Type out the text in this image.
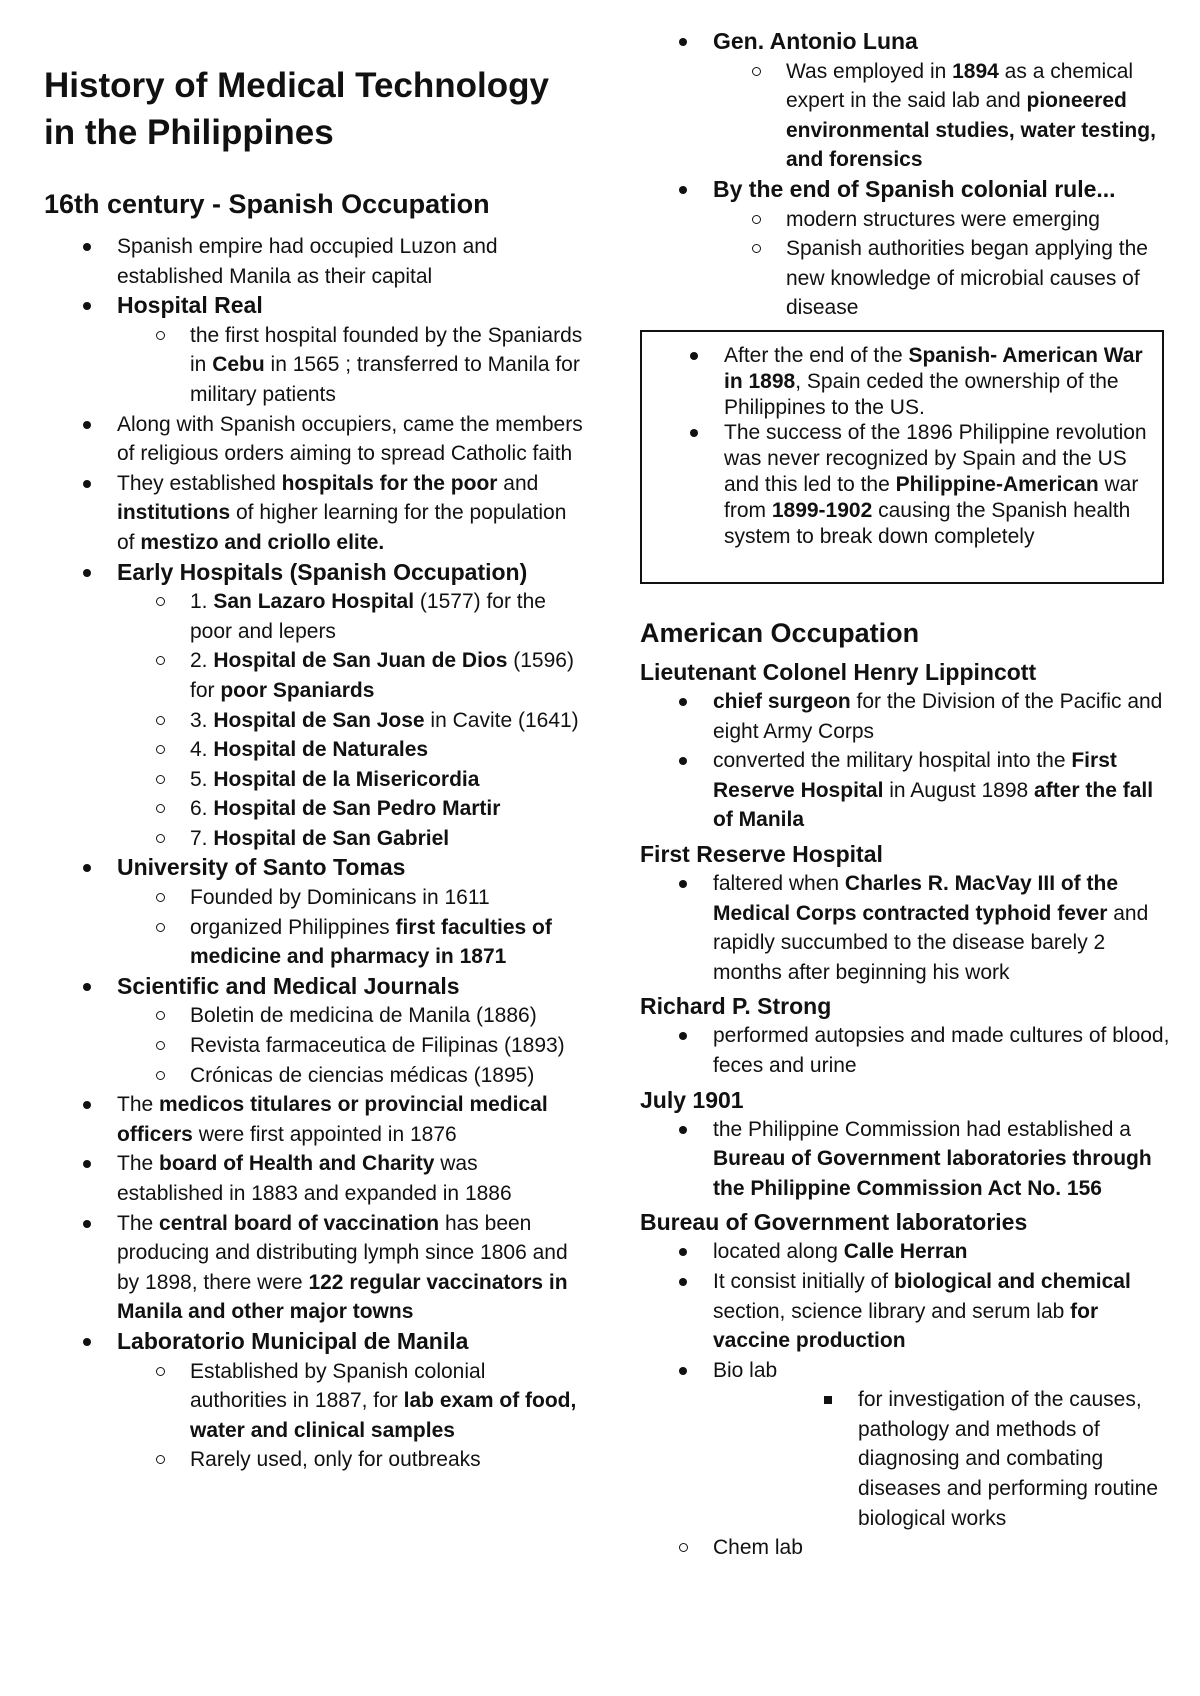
History of Medical Technology
in the Philippines
16th century - Spanish Occupation
Spanish empire had occupied Luzon and established Manila as their capital
Hospital Real
the first hospital founded by the Spaniards in Cebu in 1565 ; transferred to Manila for military patients
Along with Spanish occupiers, came the members of religious orders aiming to spread Catholic faith
They established hospitals for the poor and institutions of higher learning for the population of mestizo and criollo elite.
Early Hospitals (Spanish Occupation)
1. San Lazaro Hospital (1577) for the poor and lepers
2. Hospital de San Juan de Dios (1596) for poor Spaniards
3. Hospital de San Jose in Cavite (1641)
4. Hospital de Naturales
5. Hospital de la Misericordia
6. Hospital de San Pedro Martir
7. Hospital de San Gabriel
University of Santo Tomas
Founded by Dominicans in 1611
organized Philippines first faculties of medicine and pharmacy in 1871
Scientific and Medical Journals
Boletin de medicina de Manila (1886)
Revista farmaceutica de Filipinas (1893)
Crónicas de ciencias médicas (1895)
The medicos titulares or provincial medical officers were first appointed in 1876
The board of Health and Charity was established in 1883 and expanded in 1886
The central board of vaccination has been producing and distributing lymph since 1806 and by 1898, there were 122 regular vaccinators in Manila and other major towns
Laboratorio Municipal de Manila
Established by Spanish colonial authorities in 1887, for lab exam of food, water and clinical samples
Rarely used, only for outbreaks
Gen. Antonio Luna
Was employed in 1894 as a chemical expert in the said lab and pioneered environmental studies, water testing, and forensics
By the end of Spanish colonial rule...
modern structures were emerging
Spanish authorities began applying the new knowledge of microbial causes of disease
After the end of the Spanish- American War in 1898, Spain ceded the ownership of the Philippines to the US.
The success of the 1896 Philippine revolution was never recognized by Spain and the US and this led to the Philippine-American war from 1899-1902 causing the Spanish health system to break down completely
American Occupation
Lieutenant Colonel Henry Lippincott
chief surgeon for the Division of the Pacific and eight Army Corps
converted the military hospital into the First Reserve Hospital in August 1898 after the fall of Manila
First Reserve Hospital
faltered when Charles R. MacVay III of the Medical Corps contracted typhoid fever and rapidly succumbed to the disease barely 2 months after beginning his work
Richard P. Strong
performed autopsies and made cultures of blood, feces and urine
July 1901
the Philippine Commission had established a Bureau of Government laboratories through the Philippine Commission Act No. 156
Bureau of Government laboratories
located along Calle Herran
It consist initially of biological and chemical section, science library and serum lab for vaccine production
Bio lab
for investigation of the causes, pathology and methods of diagnosing and combating diseases and performing routine biological works
Chem lab
